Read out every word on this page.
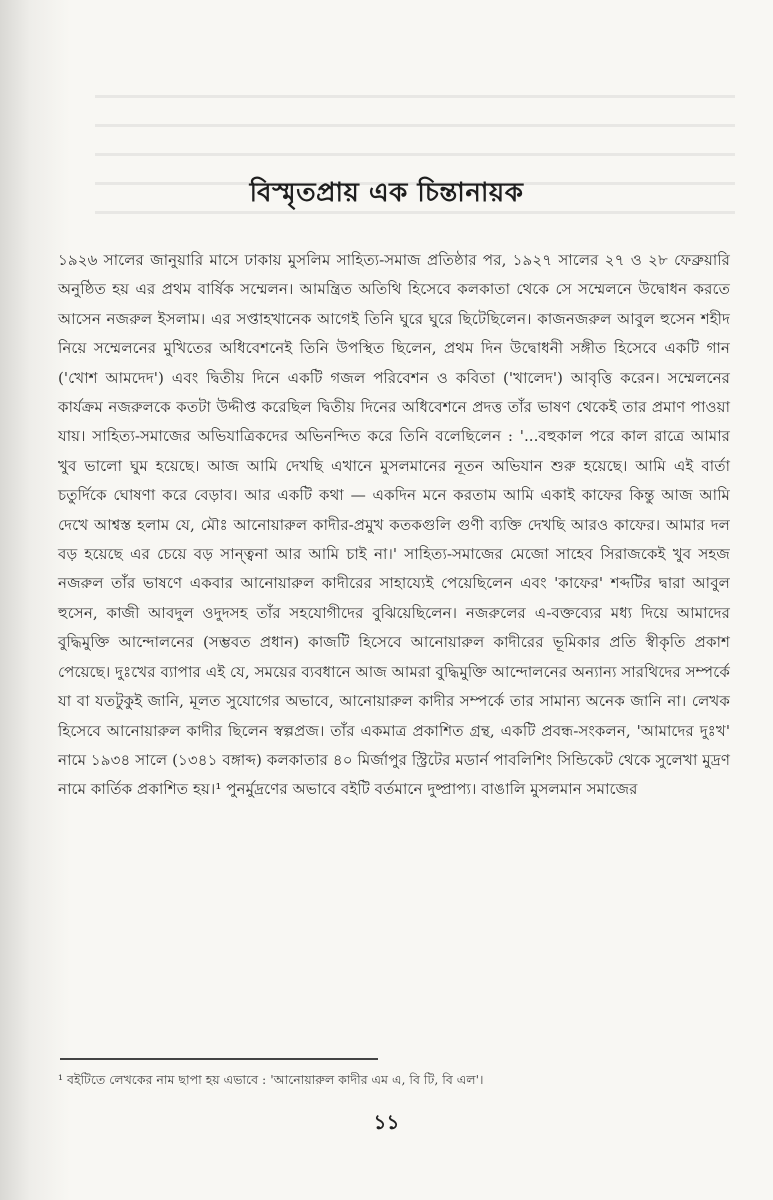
বিস্মৃতপ্রায় এক চিন্তানায়ক

১৯২৬ সালের জানুয়ারি মাসে ঢাকায় মুসলিম সাহিত্য-সমাজ প্রতিষ্ঠার পর, ১৯২৭ সালের ২৭ ও ২৮ ফেব্রুয়ারি অনুষ্ঠিত হয় এর প্রথম বার্ষিক সম্মেলন। আমন্ত্রিত অতিথি হিসেবে কলকাতা থেকে সে সম্মেলনে উদ্বোধন করতে আসেন নজরুল ইসলাম। এর সপ্তাহখানেক আগেই তিনি ঘুরে ঘুরে ছিটেছিলেন। কাজনজরুল আবুল হুসেন শহীদ নিয়ে সম্মেলনের মুখিতের অধিবেশনেই তিনি উপস্থিত ছিলেন, প্রথম দিন উদ্বোধনী সঙ্গীত হিসেবে একটি গান ('খোশ আমদেদ') এবং দ্বিতীয় দিনে একটি গজল পরিবেশন ও কবিতা ('খালেদ') আবৃত্তি করেন। সম্মেলনের কার্যক্রম নজরুলকে কতটা উদ্দীপ্ত করেছিল দ্বিতীয় দিনের অধিবেশনে প্রদত্ত তাঁর ভাষণ থেকেই তার প্রমাণ পাওয়া যায়। সাহিত্য-সমাজের অভিযাত্রিকদের অভিনন্দিত করে তিনি বলেছিলেন : '...বহুকাল পরে কাল রাত্রে আমার খুব ভালো ঘুম হয়েছে। আজ আমি দেখছি এখানে মুসলমানের নূতন অভিযান শুরু হয়েছে। আমি এই বার্তা চতুর্দিকে ঘোষণা করে বেড়াব। আর একটি কথা — একদিন মনে করতাম আমি একাই কাফের কিন্তু আজ আমি দেখে আশ্বস্ত হলাম যে, মৌঃ আনোয়ারুল কাদীর-প্রমুখ কতকগুলি গুণী ব্যক্তি দেখছি আরও কাফের। আমার দল বড় হয়েছে এর চেয়ে বড় সান্ত্বনা আর আমি চাই না।' সাহিত্য-সমাজের মেজো সাহেব সিরাজকেই খুব সহজ নজরুল তাঁর ভাষণে একবার আনোয়ারুল কাদীরের সাহায্যেই পেয়েছিলেন এবং 'কাফের' শব্দটির দ্বারা আবুল হুসেন, কাজী আবদুল ওদুদসহ তাঁর সহযোগীদের বুঝিয়েছিলেন। নজরুলের এ-বক্তব্যের মধ্য দিয়ে আমাদের বুদ্ধিমুক্তি আন্দোলনের (সম্ভবত প্রধান) কাজটি হিসেবে আনোয়ারুল কাদীরের ভূমিকার প্রতি স্বীকৃতি প্রকাশ পেয়েছে। দুঃখের ব্যাপার এই যে, সময়ের ব্যবধানে আজ আমরা বুদ্ধিমুক্তি আন্দোলনের অন্যান্য সারথিদের সম্পর্কে যা বা যতটুকুই জানি, মূলত সুযোগের অভাবে, আনোয়ারুল কাদীর সম্পর্কে তার সামান্য অনেক জানি না। লেখক হিসেবে আনোয়ারুল কাদীর ছিলেন স্বল্পপ্রজ। তাঁর একমাত্র প্রকাশিত গ্রন্থ, একটি প্রবন্ধ-সংকলন, 'আমাদের দুঃখ' নামে ১৯৩৪ সালে (১৩৪১ বঙ্গাব্দ) কলকাতার ৪০ মির্জাপুর স্ট্রিটের মডার্ন পাবলিশিং সিন্ডিকেট থেকে সুলেখা মুদ্রণ নামে কার্তিক প্রকাশিত হয়।¹ পুনর্মুদ্রণের অভাবে বইটি বর্তমানে দুষ্প্রাপ্য। বাঙালি মুসলমান সমাজের

¹ বইটিতে লেখকের নাম ছাপা হয় এভাবে : 'আনোয়ারুল কাদীর এম এ, বি টি, বি এল'।
১১
